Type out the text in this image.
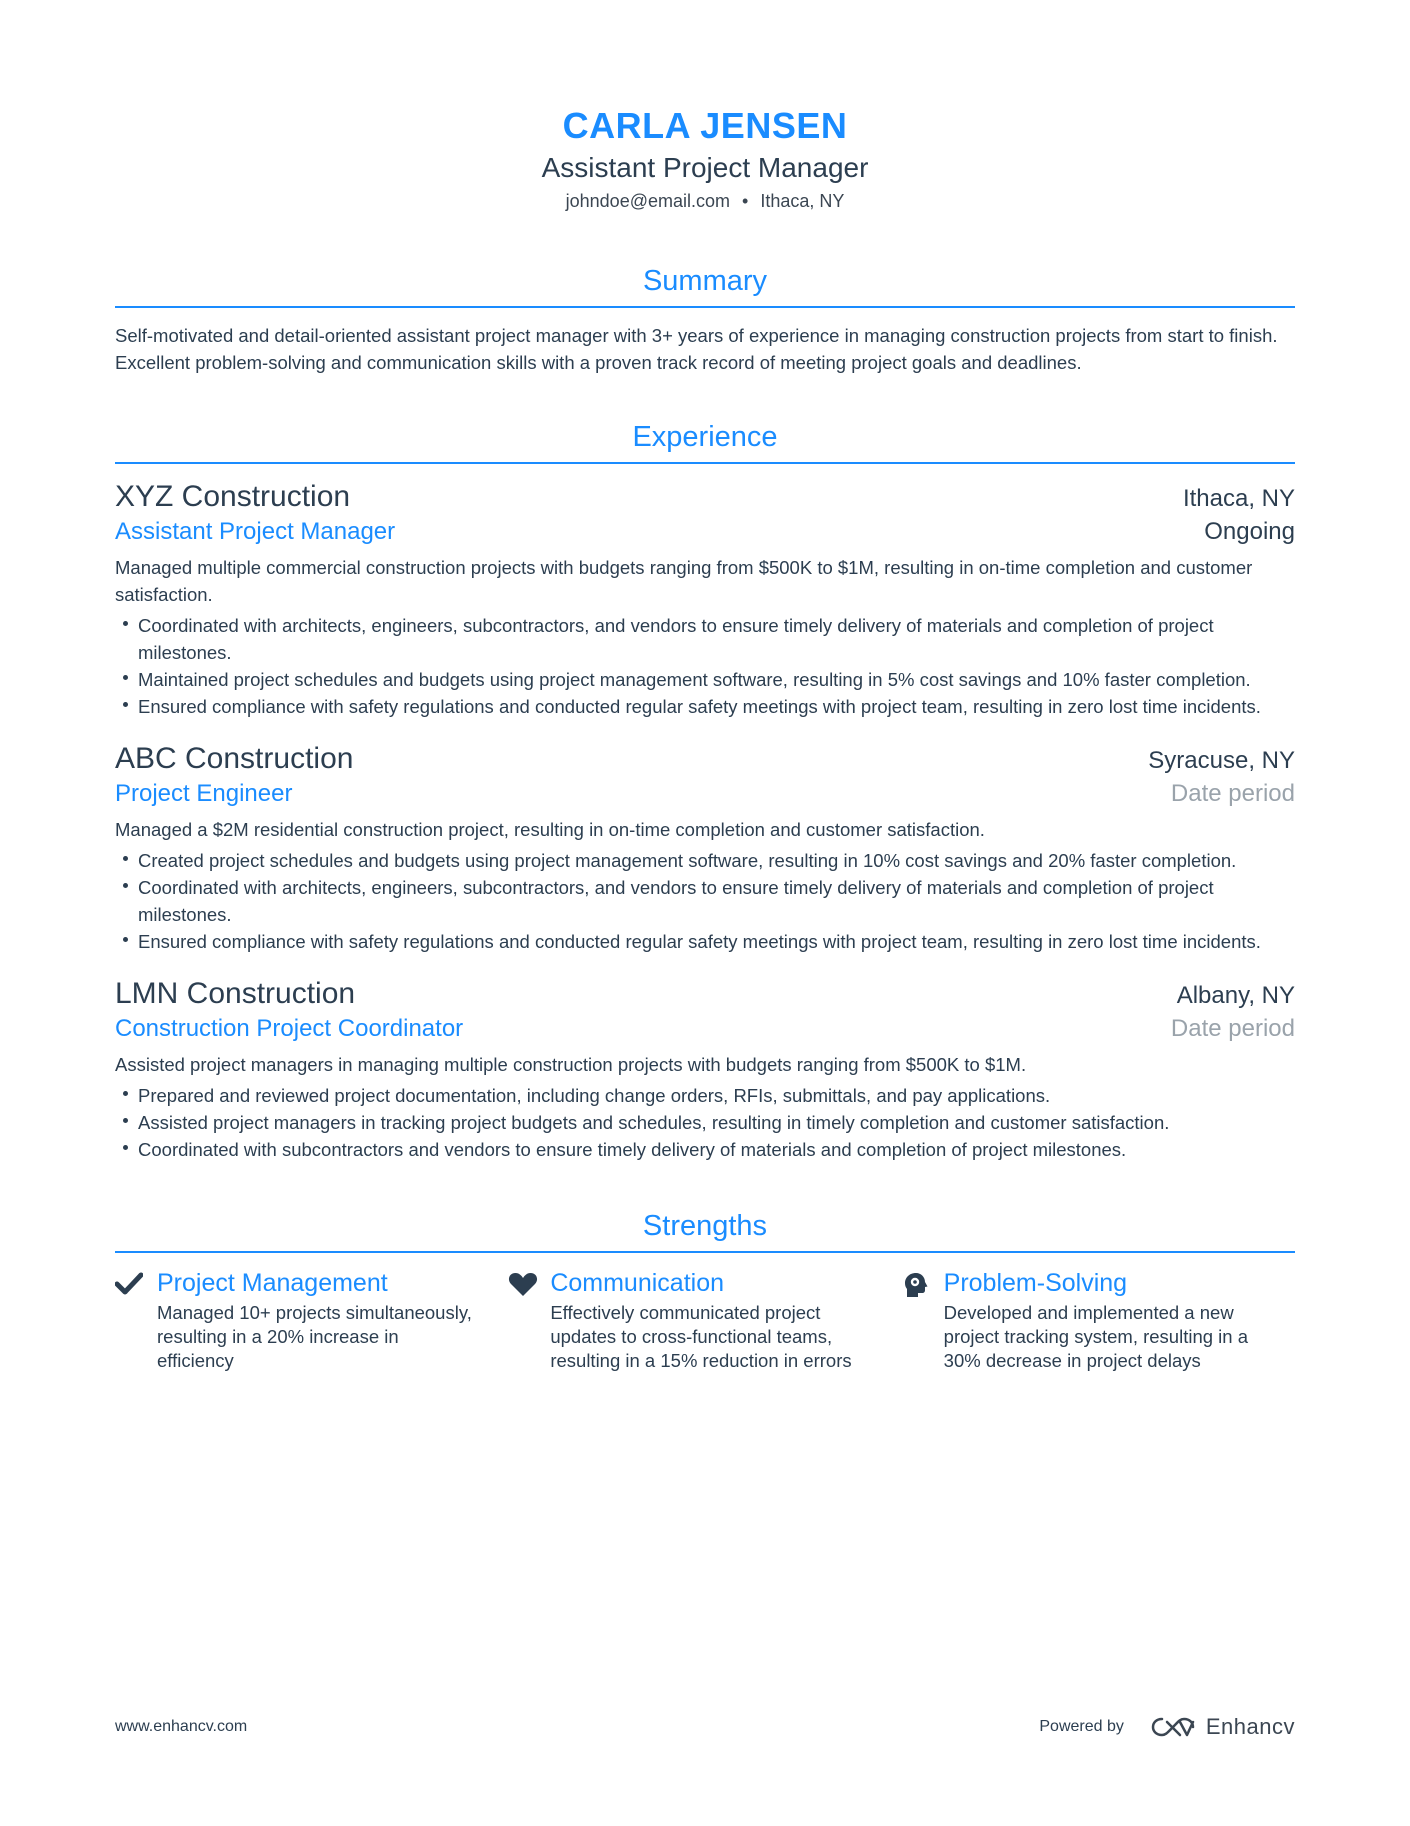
CARLA JENSEN
Assistant Project Manager
johndoe@email.com • Ithaca, NY
Summary
Self-motivated and detail-oriented assistant project manager with 3+ years of experience in managing construction projects from start to finish. Excellent problem-solving and communication skills with a proven track record of meeting project goals and deadlines.
Experience
XYZ Construction	Ithaca, NY
Assistant Project Manager	Ongoing
Managed multiple commercial construction projects with budgets ranging from $500K to $1M, resulting in on-time completion and customer satisfaction.
Coordinated with architects, engineers, subcontractors, and vendors to ensure timely delivery of materials and completion of project milestones.
Maintained project schedules and budgets using project management software, resulting in 5% cost savings and 10% faster completion.
Ensured compliance with safety regulations and conducted regular safety meetings with project team, resulting in zero lost time incidents.
ABC Construction	Syracuse, NY
Project Engineer	Date period
Managed a $2M residential construction project, resulting in on-time completion and customer satisfaction.
Created project schedules and budgets using project management software, resulting in 10% cost savings and 20% faster completion.
Coordinated with architects, engineers, subcontractors, and vendors to ensure timely delivery of materials and completion of project milestones.
Ensured compliance with safety regulations and conducted regular safety meetings with project team, resulting in zero lost time incidents.
LMN Construction	Albany, NY
Construction Project Coordinator	Date period
Assisted project managers in managing multiple construction projects with budgets ranging from $500K to $1M.
Prepared and reviewed project documentation, including change orders, RFIs, submittals, and pay applications.
Assisted project managers in tracking project budgets and schedules, resulting in timely completion and customer satisfaction.
Coordinated with subcontractors and vendors to ensure timely delivery of materials and completion of project milestones.
Strengths
Project Management
Managed 10+ projects simultaneously, resulting in a 20% increase in efficiency
Communication
Effectively communicated project updates to cross-functional teams, resulting in a 15% reduction in errors
Problem-Solving
Developed and implemented a new project tracking system, resulting in a 30% decrease in project delays
www.enhancv.com	Powered by	Enhancv
